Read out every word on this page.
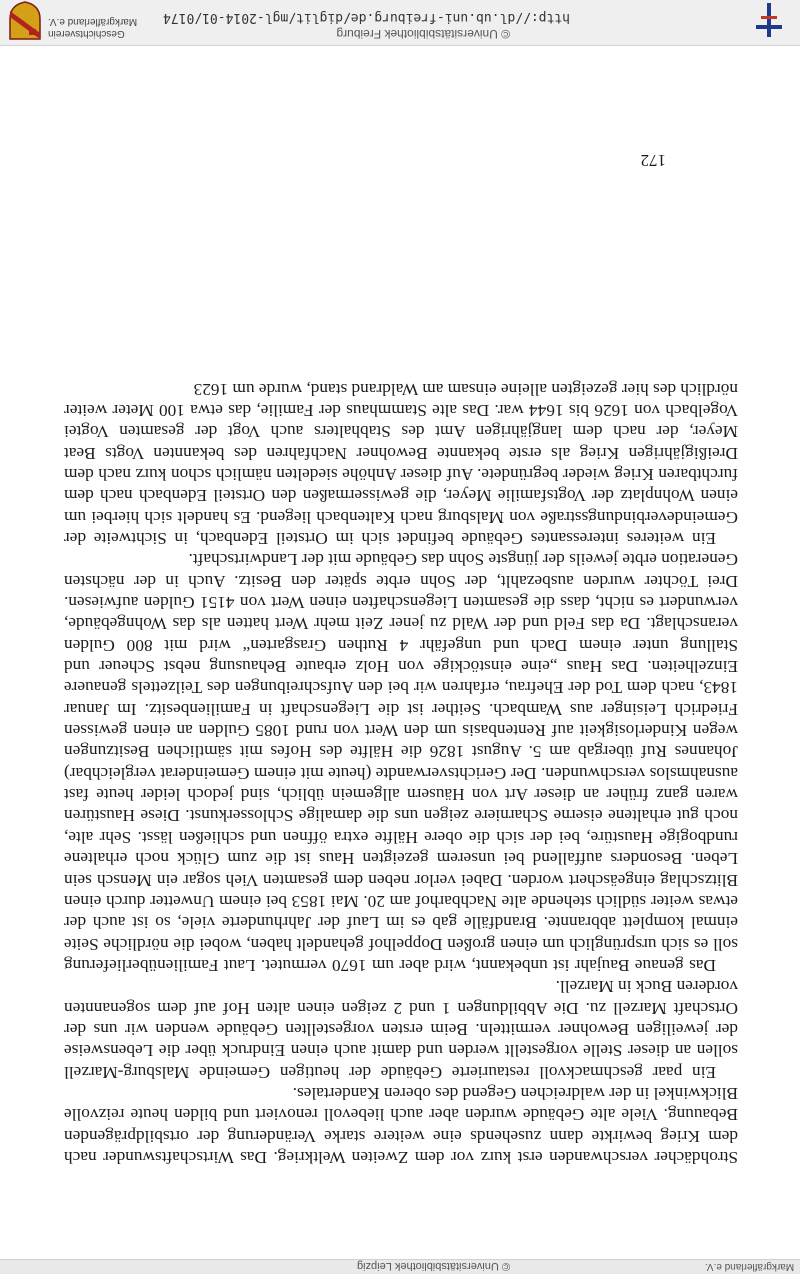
© Universitätsbibliothek Leipzig	Markgräflerland e.V.

Strohdächer verschwanden erst kurz vor dem Zweiten Weltkrieg. Das Wirtschaftswunder nach dem Krieg bewirkte dann zusehends eine weitere starke Veränderung der ortsbildprägenden Bebauung. Viele alte Gebäude wurden aber auch liebevoll renoviert und bilden heute reizvolle Blickwinkel in der waldreichen Gegend des oberen Kandertales.

Ein paar geschmackvoll restaurierte Gebäude der heutigen Gemeinde Malsburg-Marzell sollen an dieser Stelle vorgestellt werden und damit auch einen Eindruck über die Lebensweise der jeweiligen Bewohner vermitteln. Beim ersten vorgestellten Gebäude wenden wir uns der Ortschaft Marzell zu. Die Abbildungen 1 und 2 zeigen einen alten Hof auf dem sogenannten vorderen Buck in Marzell.

Das genaue Baujahr ist unbekannt, wird aber um 1670 vermutet. Laut Familienüberlieferung soll es sich ursprünglich um einen großen Doppelhof gehandelt haben, wobei die nördliche Seite einmal komplett abbrannte. Brandfälle gab es im Lauf der Jahrhunderte viele, so ist auch der etwas weiter südlich stehende alte Nachbarhof am 20. Mai 1853 bei einem Unwetter durch einen Blitzschlag eingeäschert worden. Dabei verlor neben dem gesamten Vieh sogar ein Mensch sein Leben. Besonders auffallend bei unserem gezeigten Haus ist die zum Glück noch erhaltene rundbogige Haustüre, bei der sich die obere Hälfte extra öffnen und schließen lässt. Sehr alte, noch gut erhaltene eiserne Scharniere zeigen uns die damalige Schlosserkunst. Diese Haustüren waren ganz früher an dieser Art von Häusern allgemein üblich, sind jedoch leider heute fast ausnahmslos verschwunden. Der Gerichtsverwandte (heute mit einem Gemeinderat vergleichbar) Johannes Ruf übergab am 5. August 1826 die Hälfte des Hofes mit sämtlichen Besitzungen wegen Kinderlosigkeit auf Rentenbasis um den Wert von rund 1085 Gulden an einen gewissen Friedrich Leisinger aus Wambach. Seither ist die Liegenschaft in Familienbesitz. Im Januar 1843, nach dem Tod der Ehefrau, erfahren wir bei den Aufschreibungen des Teilzettels genauere Einzelheiten. Das Haus „eine einstöckige von Holz erbaute Behausung nebst Scheuer und Stallung unter einem Dach und ungefähr 4 Ruthen Grasgarten“ wird mit 800 Gulden veranschlagt. Da das Feld und der Wald zu jener Zeit mehr Wert hatten als das Wohngebäude, verwundert es nicht, dass die gesamten Liegenschaften einen Wert von 4151 Gulden aufwiesen. Drei Töchter wurden ausbezahlt, der Sohn erbte später den Besitz. Auch in der nächsten Generation erbte jeweils der jüngste Sohn das Gebäude mit der Landwirtschaft.

Ein weiteres interessantes Gebäude befindet sich im Ortsteil Edenbach, in Sichtweite der Gemeindeverbindungsstraße von Malsburg nach Kaltenbach liegend. Es handelt sich hierbei um einen Wohnplatz der Vogtsfamilie Meyer, die gewissermaßen den Ortsteil Edenbach nach dem furchtbaren Krieg wieder begründete. Auf dieser Anhöhe siedelten nämlich schon kurz nach dem Dreißigjährigen Krieg als erste bekannte Bewohner Nachfahren des bekannten Vogts Beat Meyer, der nach dem langjährigen Amt des Stabhalters auch Vogt der gesamten Vogtei Vogelbach von 1626 bis 1644 war. Das alte Stammhaus der Familie, das etwa 100 Meter weiter nördlich des hier gezeigten alleine einsam am Waldrand stand, wurde um 1623

172
© Universitätsbibliothek Freiburg
http://dl.ub.uni-freiburg.de/diglit/mgl-2014-01/0174
Geschichtsverein
Markgräflerland e.V.
